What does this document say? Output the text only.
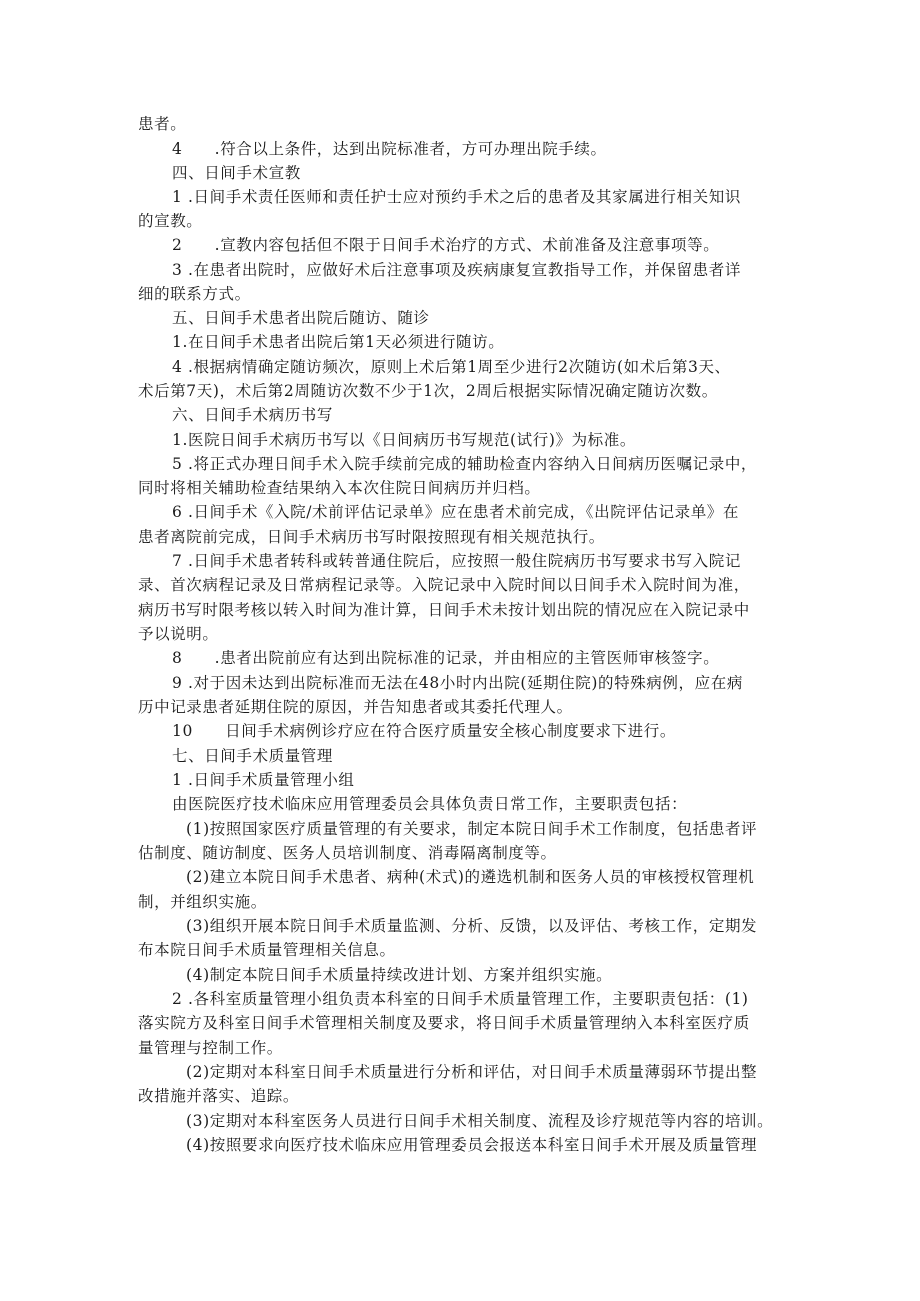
患者。
4　　.符合以上条件，达到出院标准者，方可办理出院手续。
四、日间手术宣教
1 .日间手术责任医师和责任护士应对预约手术之后的患者及其家属进行相关知识
的宣教。
2　　.宣教内容包括但不限于日间手术治疗的方式、术前准备及注意事项等。
3 .在患者出院时，应做好术后注意事项及疾病康复宣教指导工作，并保留患者详
细的联系方式。
五、日间手术患者出院后随访、随诊
1.在日间手术患者出院后第1天必须进行随访。
4 .根据病情确定随访频次，原则上术后第1周至少进行2次随访(如术后第3天、
术后第7天)，术后第2周随访次数不少于1次，2周后根据实际情况确定随访次数。
六、日间手术病历书写
1.医院日间手术病历书写以《日间病历书写规范(试行)》为标准。
5 .将正式办理日间手术入院手续前完成的辅助检查内容纳入日间病历医嘱记录中，
同时将相关辅助检查结果纳入本次住院日间病历并归档。
6 .日间手术《入院/术前评估记录单》应在患者术前完成，《出院评估记录单》在
患者离院前完成，日间手术病历书写时限按照现有相关规范执行。
7 .日间手术患者转科或转普通住院后，应按照一般住院病历书写要求书写入院记
录、首次病程记录及日常病程记录等。入院记录中入院时间以日间手术入院时间为准，
病历书写时限考核以转入时间为准计算，日间手术未按计划出院的情况应在入院记录中
予以说明。
8　　.患者出院前应有达到出院标准的记录，并由相应的主管医师审核签字。
9 .对于因未达到出院标准而无法在48小时内出院(延期住院)的特殊病例，应在病
历中记录患者延期住院的原因，并告知患者或其委托代理人。
10　　日间手术病例诊疗应在符合医疗质量安全核心制度要求下进行。
七、日间手术质量管理
1 .日间手术质量管理小组
由医院医疗技术临床应用管理委员会具体负责日常工作，主要职责包括：
(1)按照国家医疗质量管理的有关要求，制定本院日间手术工作制度，包括患者评
估制度、随访制度、医务人员培训制度、消毒隔离制度等。
(2)建立本院日间手术患者、病种(术式)的遴选机制和医务人员的审核授权管理机
制，并组织实施。
(3)组织开展本院日间手术质量监测、分析、反馈，以及评估、考核工作，定期发
布本院日间手术质量管理相关信息。
(4)制定本院日间手术质量持续改进计划、方案并组织实施。
2 .各科室质量管理小组负责本科室的日间手术质量管理工作，主要职责包括：(1)
落实院方及科室日间手术管理相关制度及要求，将日间手术质量管理纳入本科室医疗质
量管理与控制工作。
(2)定期对本科室日间手术质量进行分析和评估，对日间手术质量薄弱环节提出整
改措施并落实、追踪。
(3)定期对本科室医务人员进行日间手术相关制度、流程及诊疗规范等内容的培训。
(4)按照要求向医疗技术临床应用管理委员会报送本科室日间手术开展及质量管理
